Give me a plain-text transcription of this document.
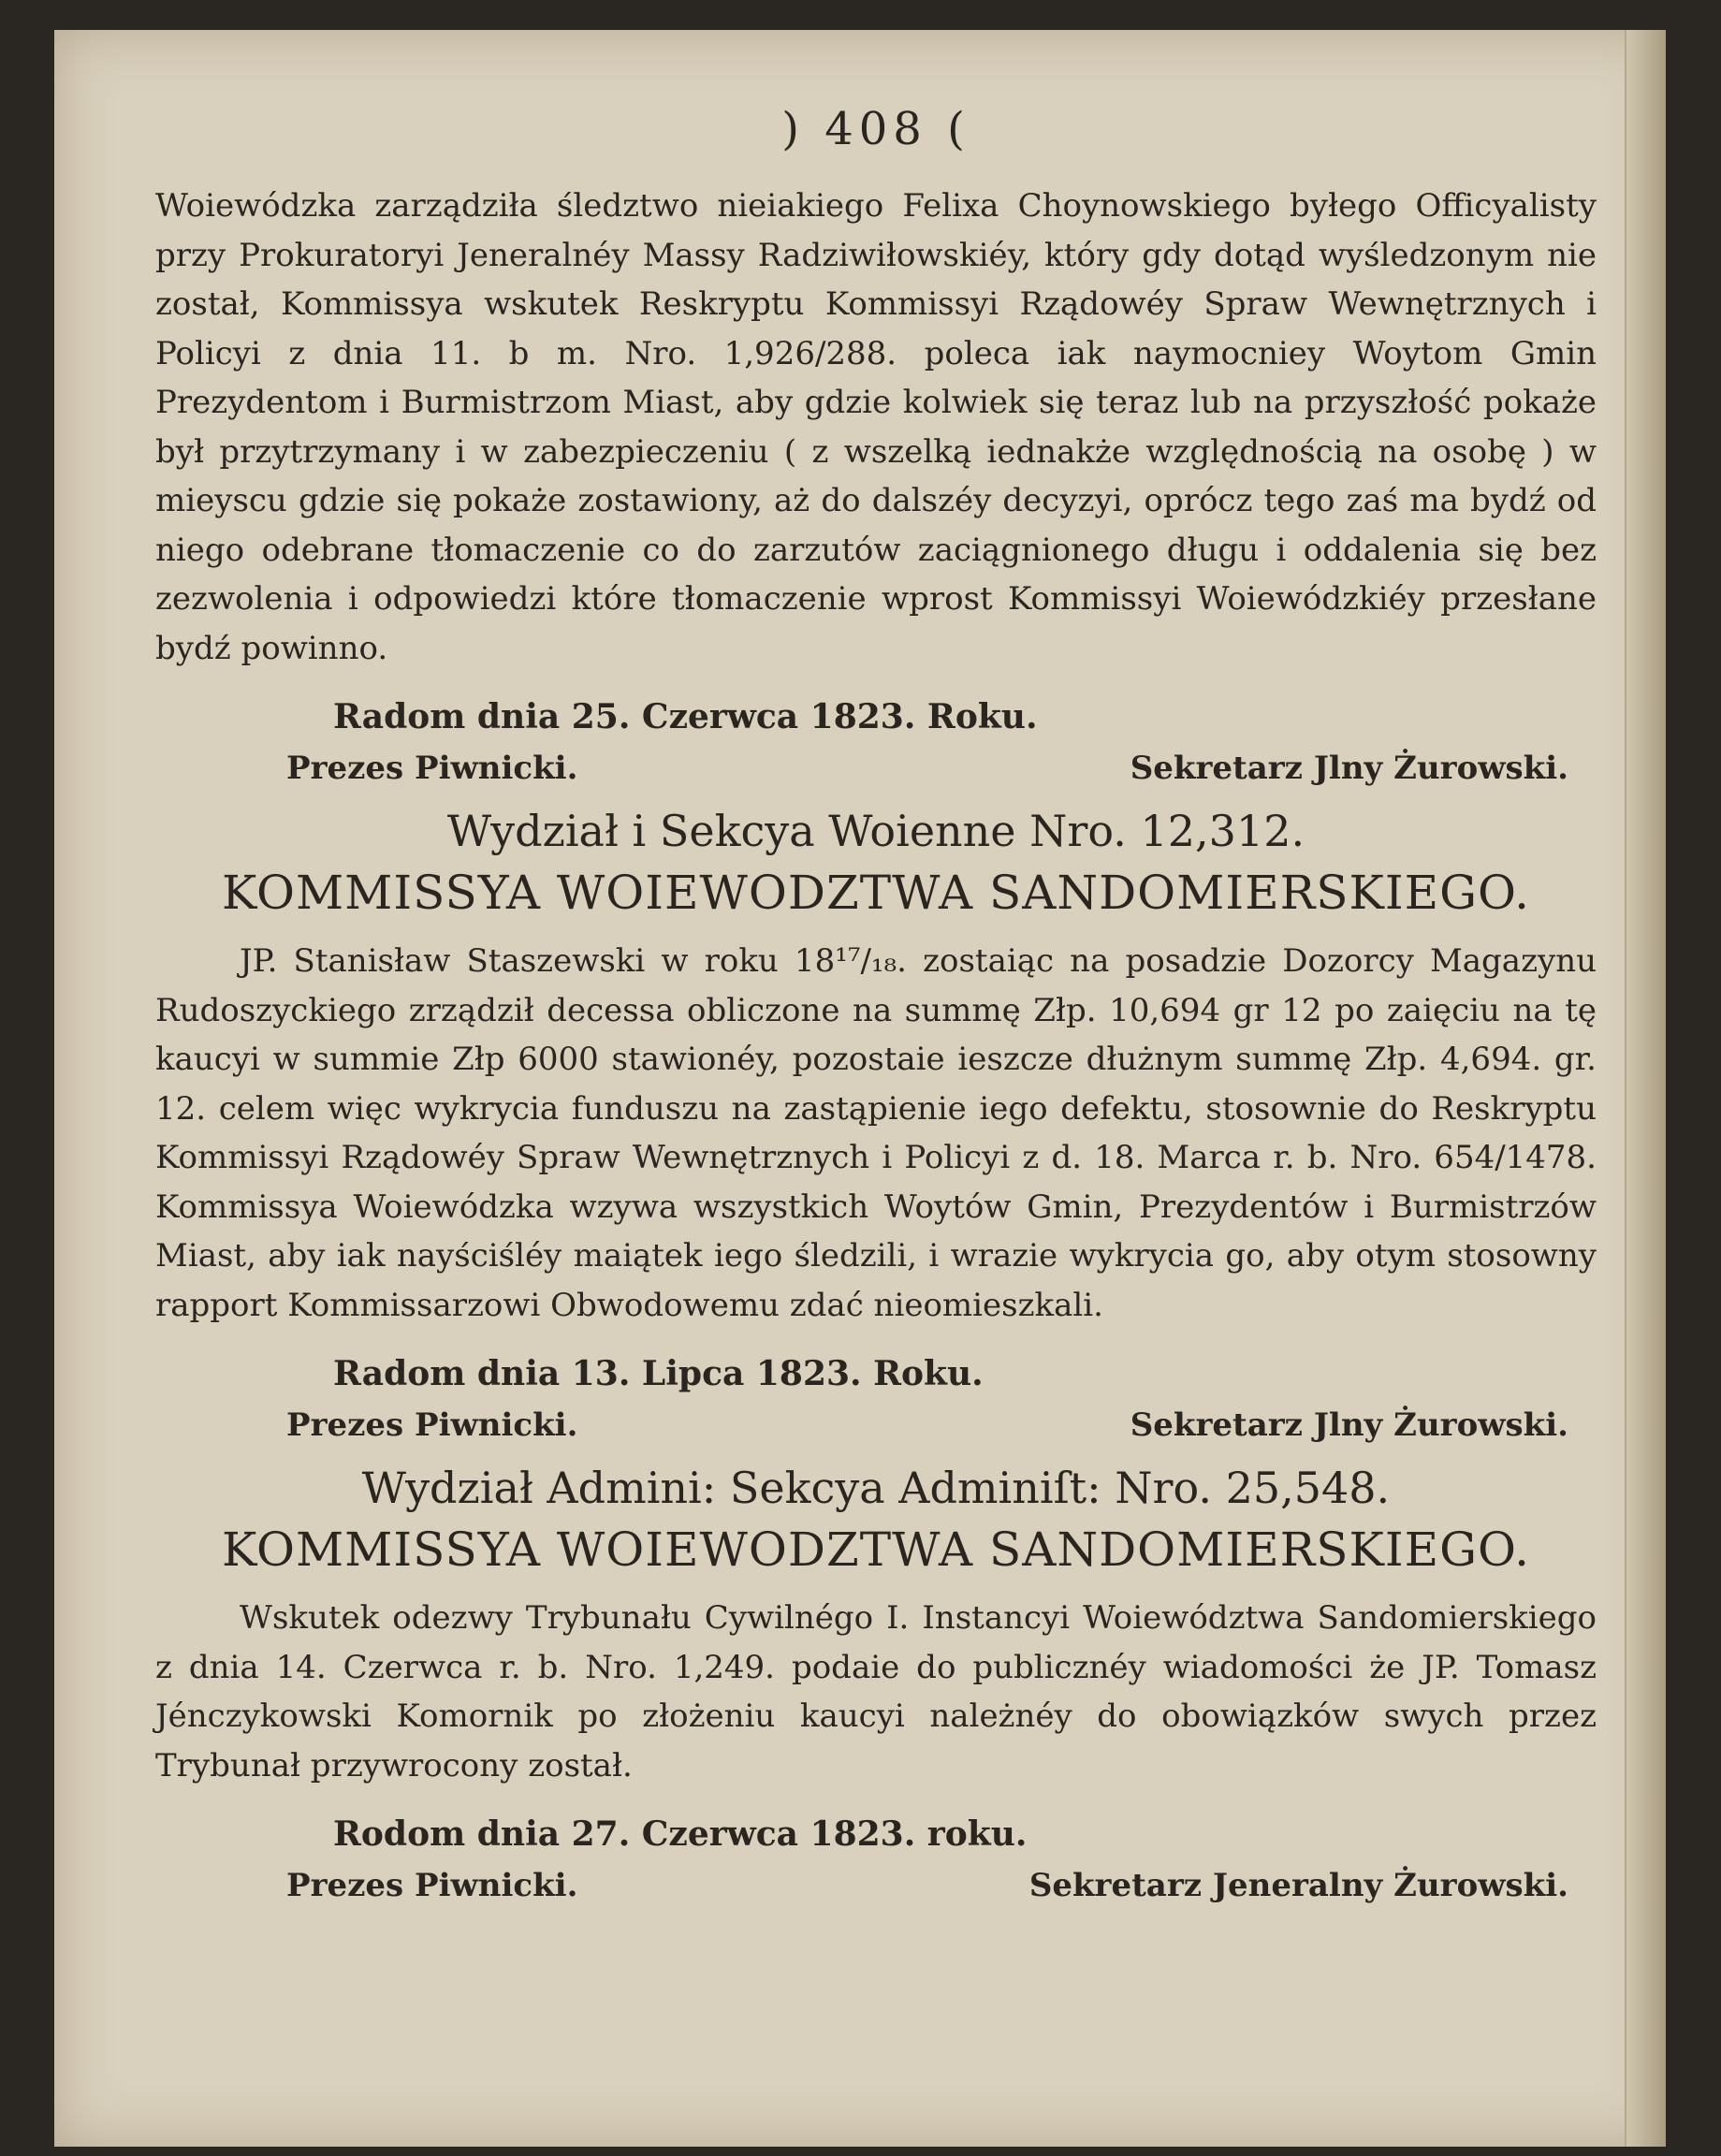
) 408 (

Woiewódzka zarządziła śledztwo nieiakiego Felixa Choynowskiego byłego Officyalisty przy Prokuratoryi Jeneralnéy Massy Radziwiłowskiéy, który gdy dotąd wyśledzonym nie został, Kommissya wskutek Reskryptu Kommissyi Rządowéy Spraw Wewnętrznych i Policyi z dnia 11. b m. Nro. 1,926/288. poleca iak naymocniey Woytom Gmin Prezydentom i Burmistrzom Miast, aby gdzie kolwiek się teraz lub na przyszłość pokaże był przytrzymany i w zabezpieczeniu ( z wszelką iednakże względnością na osobę ) w mieyscu gdzie się pokaże zostawiony, aż do dalszéy decyzyi, oprócz tego zaś ma bydź od niego odebrane tłomaczenie co do zarzutów zaciągnionego długu i oddalenia się bez zezwolenia i odpowiedzi które tłomaczenie wprost Kommissyi Woiewódzkiéy przesłane bydź powinno.

Radom dnia 25. Czerwca 1823. Roku.
Prezes Piwnicki.	Sekretarz Jlny Żurowski.
Wydział i Sekcya Woienne Nro. 12,312.
KOMMISSYA WOIEWODZTWA SANDOMIERSKIEGO.

JP. Stanisław Staszewski w roku 18¹⁷/₁₈. zostaiąc na posadzie Dozorcy Magazynu Rudoszyckiego zrządził decessa obliczone na summę Złp. 10,694 gr 12 po zaięciu na tę kaucyi w summie Złp 6000 stawionéy, pozostaie ieszcze dłużnym summę Złp. 4,694. gr. 12. celem więc wykrycia funduszu na zastąpienie iego defektu, stosownie do Reskryptu Kommissyi Rządowéy Spraw Wewnętrznych i Policyi z d. 18. Marca r. b. Nro. 654/1478. Kommissya Woiewódzka wzywa wszystkich Woytów Gmin, Prezydentów i Burmistrzów Miast, aby iak nayściśléy maiątek iego śledzili, i wrazie wykrycia go, aby otym stosowny rapport Kommissarzowi Obwodowemu zdać nieomieszkali.

Radom dnia 13. Lipca 1823. Roku.
Prezes Piwnicki.	Sekretarz Jlny Żurowski.
Wydział Admini: Sekcya Adminiſt: Nro. 25,548.
KOMMISSYA WOIEWODZTWA SANDOMIERSKIEGO.

Wskutek odezwy Trybunału Cywilnégo I. Instancyi Woiewództwa Sandomierskiego z dnia 14. Czerwca r. b. Nro. 1,249. podaie do publicznéy wiadomości że JP. Tomasz Jénczykowski Komornik po złożeniu kaucyi należnéy do obowiązków swych przez Trybunał przywrocony został.

Rodom dnia 27. Czerwca 1823. roku.
Prezes Piwnicki.	Sekretarz Jeneralny Żurowski.
